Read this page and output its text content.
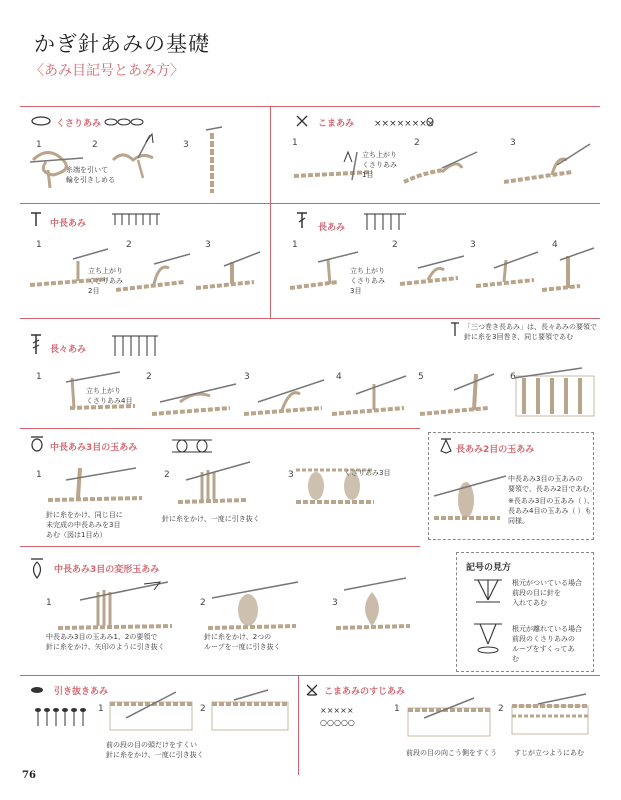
かぎ針あみの基礎
〈あみ目記号とあみ方〉
くさりあみ
1	2	3
糸端を引いて
輪を引きしめる
こまあみ ××××××××
1	2	3
立ち上がり
くさりあみ
1目
中長あみ
1	2	3
立ち上がり
くさりあみ
2目
長あみ
1	2	3	4
立ち上がり
くさりあみ
3目
長々あみ
「三つ巻き長あみ」は、長々あみの要領で
針に糸を3回巻き、同じ要領であむ
1	2	3	4	5	6
立ち上がり
くさりあみ4目
中長あみ3目の玉あみ
1	2	3
針に糸をかけ、同じ目に
未完成の中長あみを3目
あむ（図は1目め）
針に糸をかけ、一度に引き抜く
くさりあみ3目
長あみ2目の玉あみ
中長あみ3目の玉あみの
要領で、長あみ2目であむ。
※長あみ3目の玉あみ（ ）、
長あみ4目の玉あみ（ ）も
同様。
中長あみ3目の変形玉あみ
1	2	3
中長あみ3目の玉あみ1、2の要領で
針に糸をかけ、矢印のように引き抜く
針に糸をかけ、2つの
ループを一度に引き抜く
記号の見方
根元がついている場合
前段の目に針を
入れてあむ
根元が離れている場合
前段のくさりあみの
ループをすくってあ
む
引き抜きあみ
1	2
前の段の目の頭だけをすくい
針に糸をかけ、一度に引き抜く
こまあみのすじあみ
×××××
○○○○○
1	2
前段の目の向こう側をすくう すじが立つようにあむ
76
